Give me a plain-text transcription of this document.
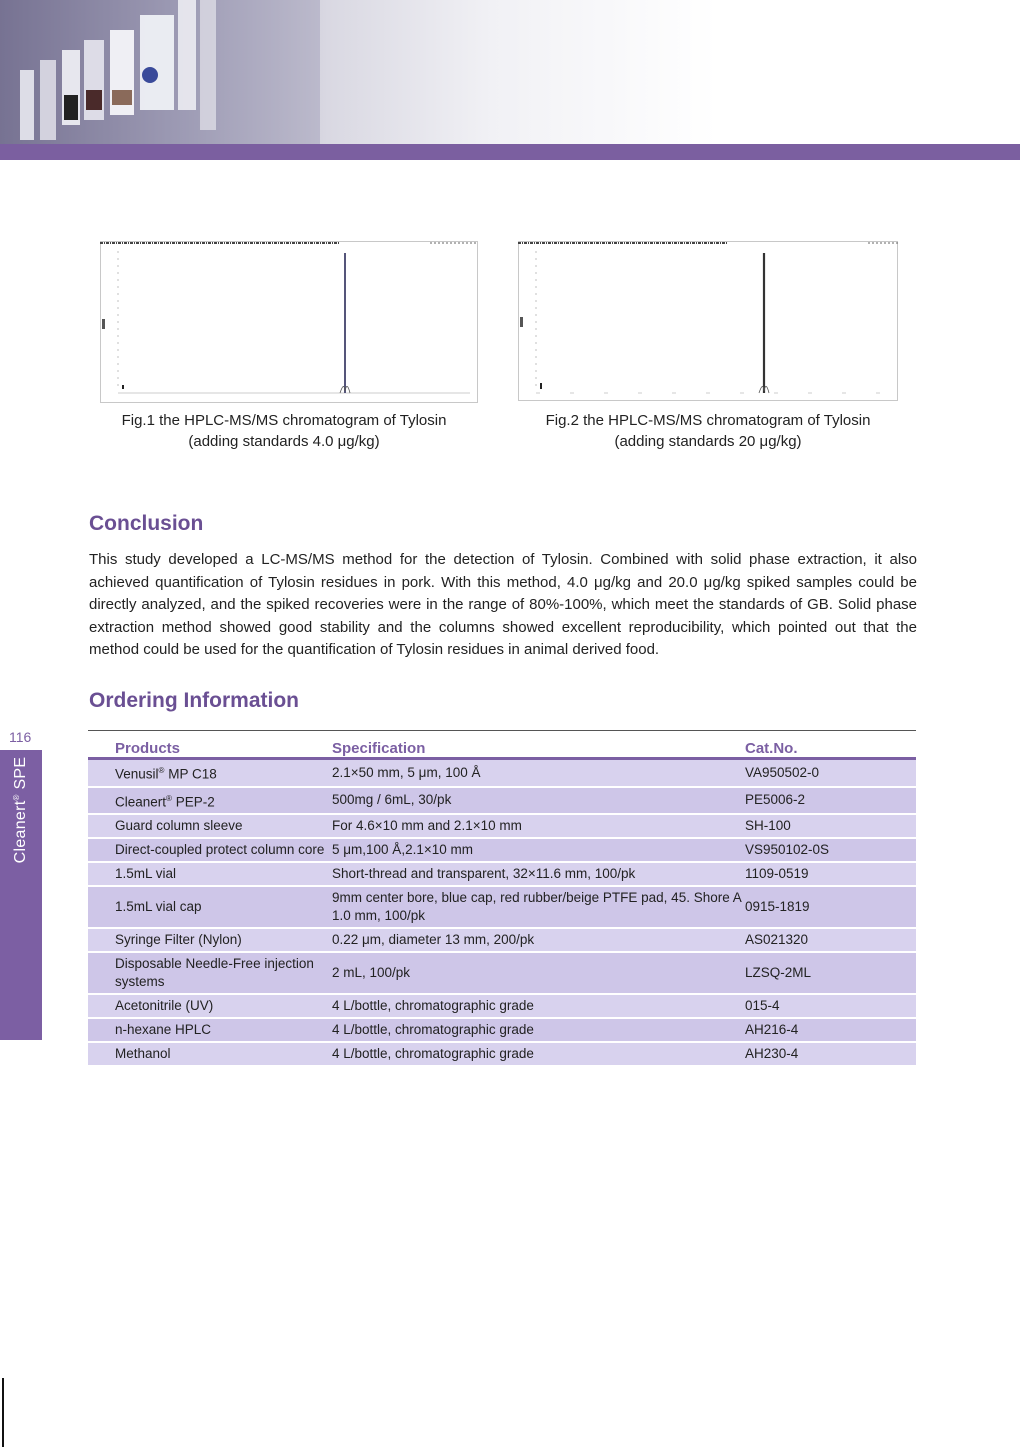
116
Cleanert® SPE
Fig.1 the HPLC-MS/MS chromatogram of Tylosin
(adding standards 4.0 μg/kg)
Fig.2 the HPLC-MS/MS chromatogram of Tylosin
(adding standards 20 μg/kg)
Conclusion
This study developed a LC-MS/MS method for the detection of Tylosin. Combined with solid phase extraction, it also achieved quantification of Tylosin residues in pork. With this method, 4.0 μg/kg and 20.0 μg/kg spiked samples could be directly analyzed, and the spiked recoveries were in the range of 80%-100%, which meet the standards of GB. Solid phase extraction method showed good stability and the columns showed excellent reproducibility, which pointed out that the method could be used for the quantification of Tylosin residues in animal derived food.
Ordering Information
Products	Specification	Cat.No.
Venusil® MP C18	2.1×50 mm, 5 μm, 100 Å	VA950502-0
Cleanert® PEP-2	500mg / 6mL, 30/pk	PE5006-2
Guard column sleeve	For 4.6×10 mm and 2.1×10 mm	SH-100
Direct-coupled protect column core	5 μm,100 Å,2.1×10 mm	VS950102-0S
1.5mL vial	Short-thread and transparent, 32×11.6 mm, 100/pk	1109-0519
1.5mL vial cap	9mm center bore, blue cap, red rubber/beige PTFE pad, 45. Shore A 1.0 mm, 100/pk	0915-1819
Syringe Filter (Nylon)	0.22 μm, diameter 13 mm, 200/pk	AS021320
Disposable Needle-Free injection systems	2 mL, 100/pk	LZSQ-2ML
Acetonitrile (UV)	4 L/bottle, chromatographic grade	015-4
n-hexane HPLC	4 L/bottle, chromatographic grade	AH216-4
Methanol	4 L/bottle, chromatographic grade	AH230-4
